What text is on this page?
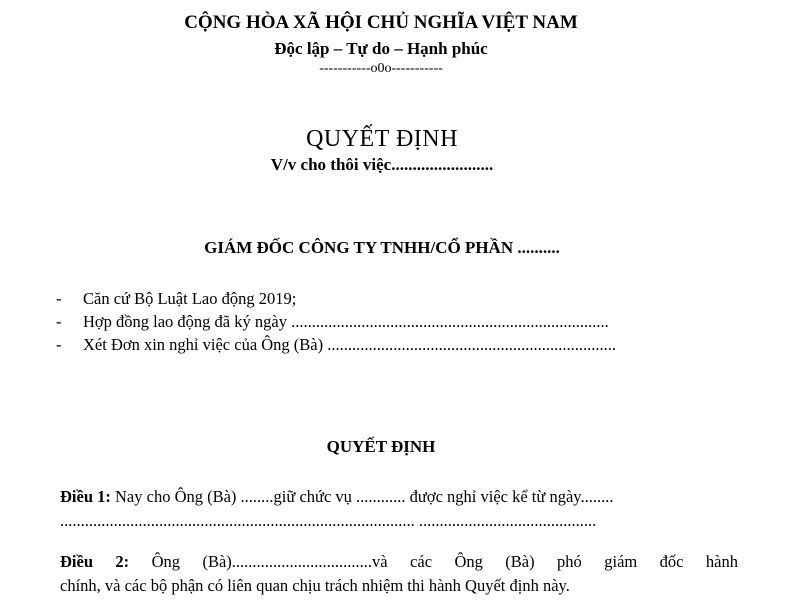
CỘNG HÒA XÃ HỘI CHỦ NGHĨA VIỆT NAM
Độc lập – Tự do – Hạnh phúc
-----------o0o-----------
QUYẾT ĐỊNH
V/v cho thôi việc........................
GIÁM ĐỐC CÔNG TY TNHH/CỔ PHẦN ..........
- Căn cứ Bộ Luật Lao động 2019;
- Hợp đồng lao động đã ký ngày .............................................................................
- Xét Đơn xin nghỉ việc của Ông (Bà) ......................................................................
QUYẾT ĐỊNH
Điều 1: Nay cho Ông (Bà) ........giữ chức vụ ............ được nghỉ việc kể từ ngày........
...................................................................................... ...........................................
Điều 2: Ông (Bà)..................................và các Ông (Bà) phó giám đốc hành
chính, và các bộ phận có liên quan chịu trách nhiệm thi hành Quyết định này.
